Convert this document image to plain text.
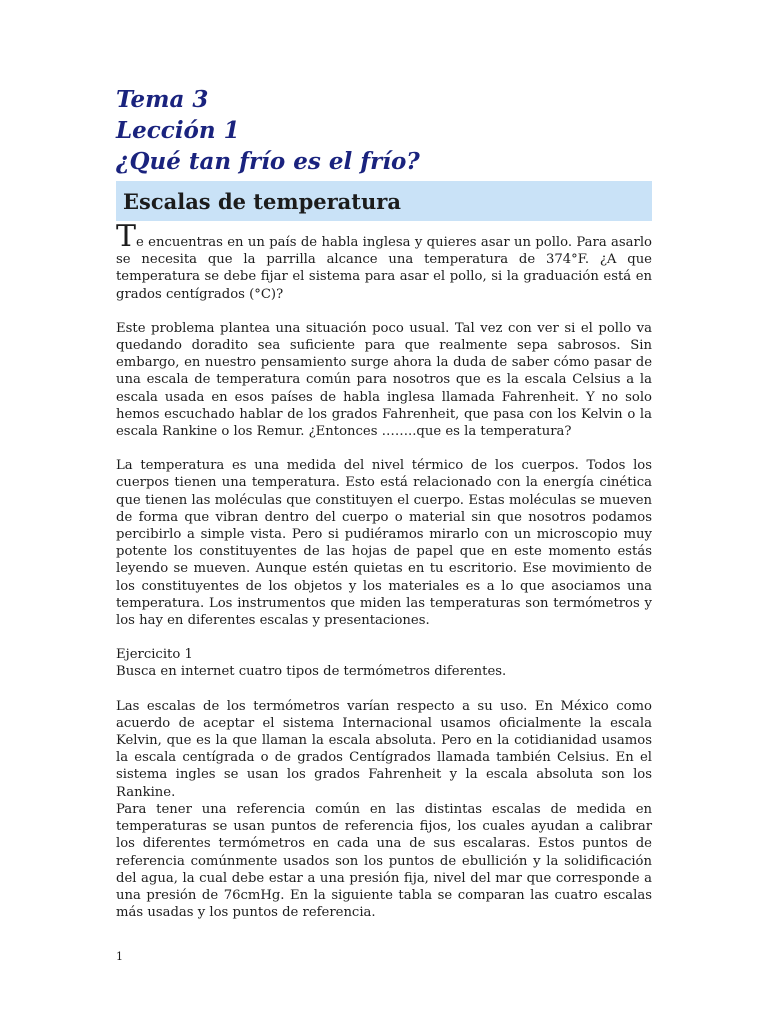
Tema 3
Lección 1
¿Qué tan frío es el frío?
Escalas de temperatura

Te encuentras en un país de habla inglesa y quieres asar un pollo. Para asarlo se necesita que la parrilla alcance una temperatura de 374°F. ¿A que temperatura se debe fijar el sistema para asar el pollo, si la graduación está en grados centígrados (°C)?

Este problema plantea una situación poco usual. Tal vez con ver si el pollo va quedando doradito sea suficiente para que realmente sepa sabrosos. Sin embargo, en nuestro pensamiento surge ahora la duda de saber cómo pasar de una escala de temperatura común para nosotros que es la escala Celsius a la escala usada en esos países de habla inglesa llamada Fahrenheit. Y no solo hemos escuchado hablar de los grados Fahrenheit, que pasa con los Kelvin o la escala Rankine o los Remur. ¿Entonces ……..que es la temperatura?

La temperatura es una medida del nivel térmico de los cuerpos. Todos los cuerpos tienen una temperatura. Esto está relacionado con la energía cinética que tienen las moléculas que constituyen el cuerpo. Estas moléculas se mueven de forma que vibran dentro del cuerpo o material sin que nosotros podamos percibirlo a simple vista. Pero si pudiéramos mirarlo con un microscopio muy potente los constituyentes de las hojas de papel que en este momento estás leyendo se mueven. Aunque estén quietas en tu escritorio. Ese movimiento de los constituyentes de los objetos y los materiales es a lo que asociamos una temperatura. Los instrumentos que miden las temperaturas son termómetros y los hay en diferentes escalas y presentaciones.

Ejercicito 1

Busca en internet cuatro tipos de termómetros diferentes.

Las escalas de los termómetros varían respecto a su uso. En México como acuerdo de aceptar el sistema Internacional usamos oficialmente la escala Kelvin, que es la que llaman la escala absoluta. Pero en la cotidianidad usamos la escala centígrada o de grados Centígrados llamada también Celsius. En el sistema ingles se usan los grados Fahrenheit y la escala absoluta son los Rankine.

Para tener una referencia común en las distintas escalas de medida en temperaturas se usan puntos de referencia fijos, los cuales ayudan a calibrar los diferentes termómetros en cada una de sus escalaras. Estos puntos de referencia comúnmente usados son los puntos de ebullición y la solidificación del agua, la cual debe estar a una presión fija, nivel del mar que corresponde a una presión de 76cmHg. En la siguiente tabla se comparan las cuatro escalas más usadas y los puntos de referencia.

1
